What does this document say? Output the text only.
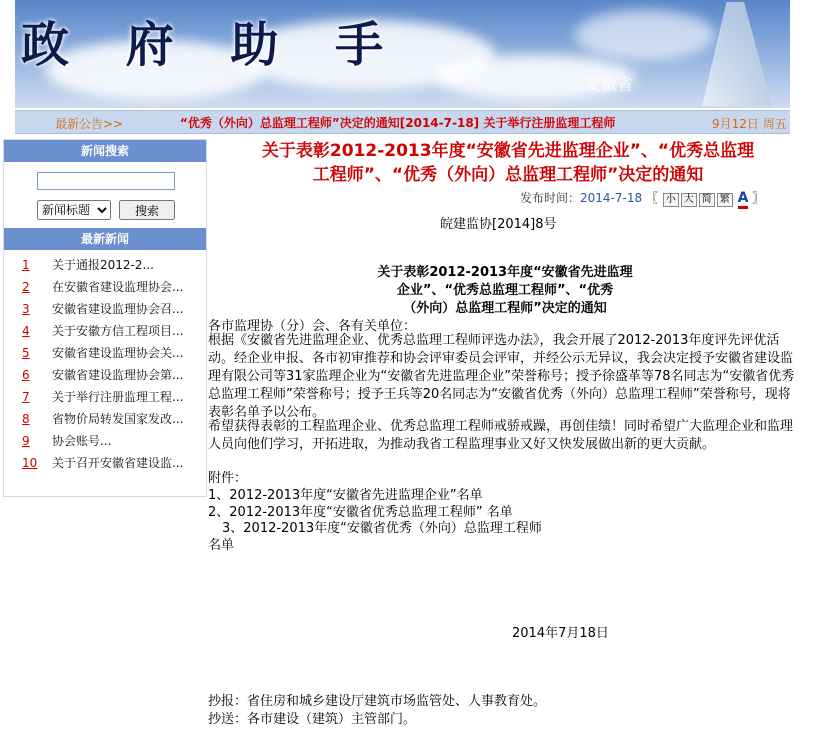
政 府 助 手
安徽省
最新公告>>	“优秀（外向）总监理工程师”决定的通知[2014-7-18] 关于举行注册监理工程师	9月12日 周五
新闻搜索
新闻标题
搜索
最新新闻
1	关于通报2012-2...
2	在安徽省建设监理协会...
3	安徽省建设监理协会召...
4	关于安徽方信工程项目...
5	安徽省建设监理协会关...
6	安徽省建设监理协会第...
7	关于举行注册监理工程...
8	省物价局转发国家发改...
9	协会账号...
10 关于召开安徽省建设监...
关于表彰2012-2013年度“安徽省先进监理企业”、“优秀总监理
工程师”、“优秀（外向）总监理工程师”决定的通知
发布时间：2014-7-18 〖 小 大 简 繁 A 〗
皖建监协[2014]8号
关于表彰2012-2013年度“安徽省先进监理
企业”、“优秀总监理工程师”、“优秀
（外向）总监理工程师”决定的通知
各市监理协（分）会、各有关单位：
根据《安徽省先进监理企业、优秀总监理工程师评选办法》，我会开展了2012-2013年度评先评优活动。经企业申报、各市初审推荐和协会评审委员会评审，并经公示无异议，我会决定授予安徽省建设监理有限公司等31家监理企业为“安徽省先进监理企业”荣誉称号；授予徐盛革等78名同志为“安徽省优秀总监理工程师”荣誉称号；授予王兵等20名同志为“安徽省优秀（外向）总监理工程师”荣誉称号，现将表彰名单予以公布。
希望获得表彰的工程监理企业、优秀总监理工程师戒骄戒躁，再创佳绩！同时希望广大监理企业和监理人员向他们学习，开拓进取，为推动我省工程监理事业又好又快发展做出新的更大贡献。
附件：
1、2012-2013年度“安徽省先进监理企业”名单
2、2012-2013年度“安徽省优秀总监理工程师” 名单
3、2012-2013年度“安徽省优秀（外向）总监理工程师
名单
2014年7月18日
抄报：省住房和城乡建设厅建筑市场监管处、人事教育处。
抄送：各市建设（建筑）主管部门。
